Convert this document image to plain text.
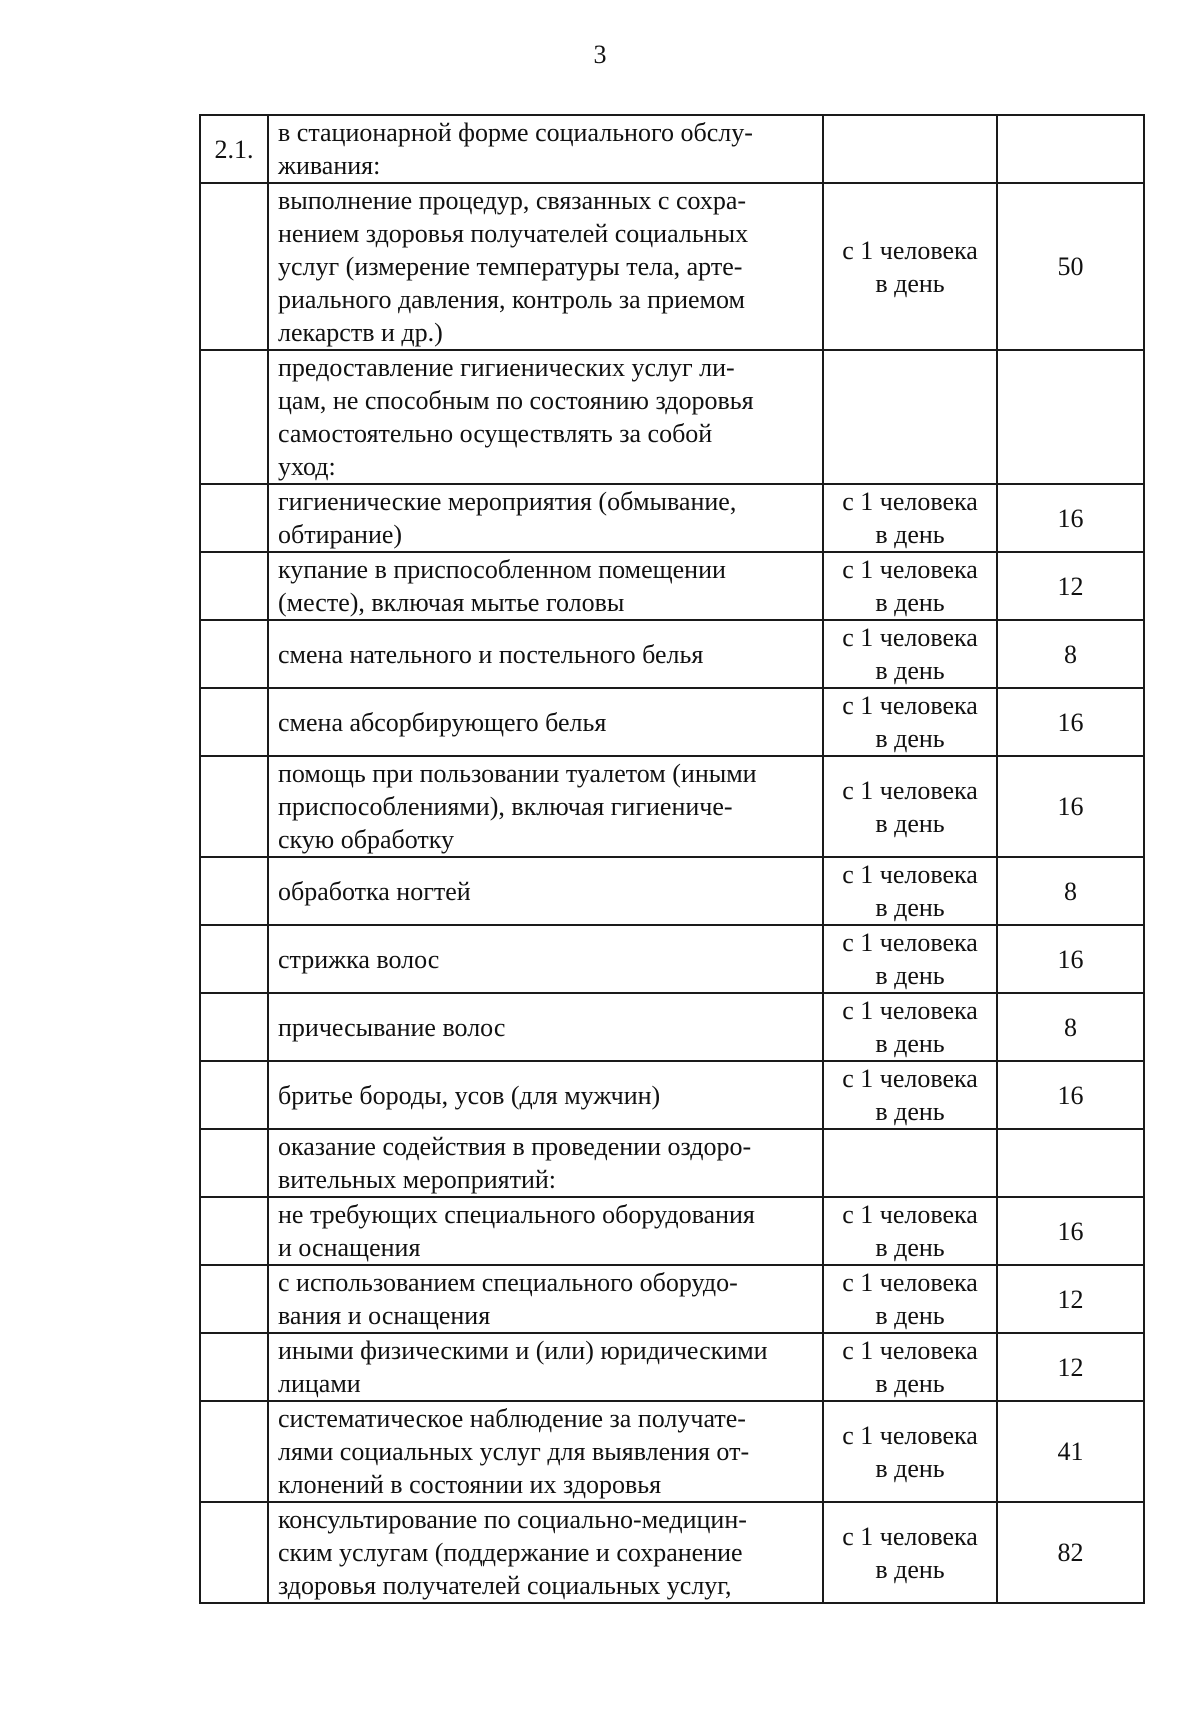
3
2.1.	в стационарной форме социального обслу-
живания:		

	выполнение процедур, связанных с сохра-
нением здоровья получателей социальных
услуг (измерение температуры тела, арте-
риального давления, контроль за приемом
лекарств и др.)	с 1 человека
в день	50

	предоставление гигиенических услуг ли-
цам, не способным по состоянию здоровья
самостоятельно осуществлять за собой
уход:		

	гигиенические мероприятия (обмывание,
обтирание)	с 1 человека
в день	16

	купание в приспособленном помещении
(месте), включая мытье головы	с 1 человека
в день	12

	смена нательного и постельного белья	с 1 человека
в день	8

	смена абсорбирующего белья	с 1 человека
в день	16

	помощь при пользовании туалетом (иными
приспособлениями), включая гигиениче-
скую обработку	с 1 человека
в день	16

	обработка ногтей	с 1 человека
в день	8

	стрижка волос	с 1 человека
в день	16

	причесывание волос	с 1 человека
в день	8

	бритье бороды, усов (для мужчин)	с 1 человека
в день	16

	оказание содействия в проведении оздоро-
вительных мероприятий:		

	не требующих специального оборудования
и оснащения	с 1 человека
в день	16

	с использованием специального оборудо-
вания и оснащения	с 1 человека
в день	12

	иными физическими и (или) юридическими
лицами	с 1 человека
в день	12

	систематическое наблюдение за получате-
лями социальных услуг для выявления от-
клонений в состоянии их здоровья	с 1 человека
в день	41

	консультирование по социально-медицин-
ским услугам (поддержание и сохранение
здоровья получателей социальных услуг,	с 1 человека
в день	82
